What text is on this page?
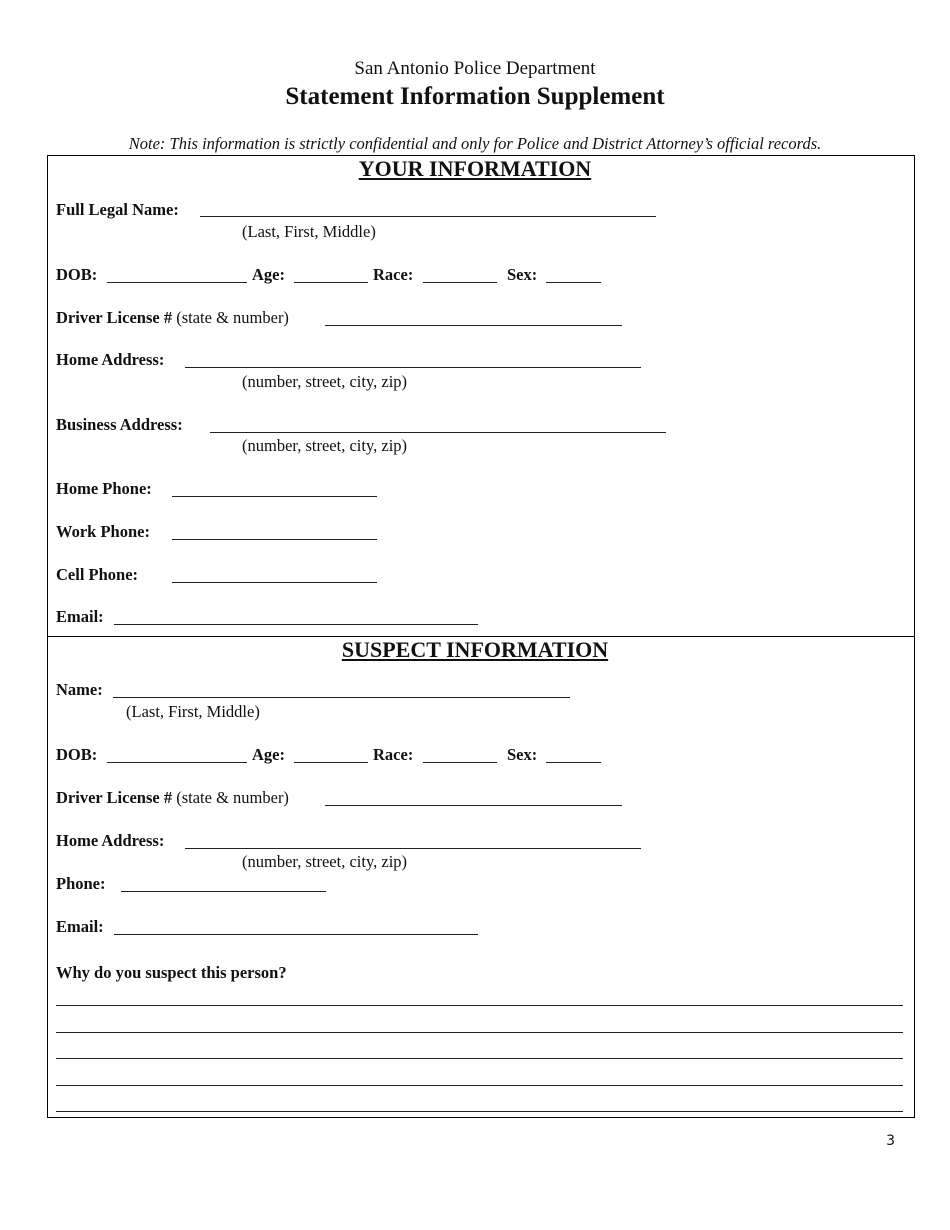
San Antonio Police Department
Statement Information Supplement
Note: This information is strictly confidential and only for Police and District Attorney’s official records.
YOUR INFORMATION
Full Legal Name:
(Last, First, Middle)
DOB:	Age:	Race:	Sex:
Driver License # (state & number)
Home Address:
(number, street, city, zip)
Business Address:
(number, street, city, zip)
Home Phone:
Work Phone:
Cell Phone:
Email:
SUSPECT INFORMATION
Name:
(Last, First, Middle)
DOB:	Age:	Race:	Sex:
Driver License # (state & number)
Home Address:
(number, street, city, zip)
Phone:
Email:
Why do you suspect this person?
3
